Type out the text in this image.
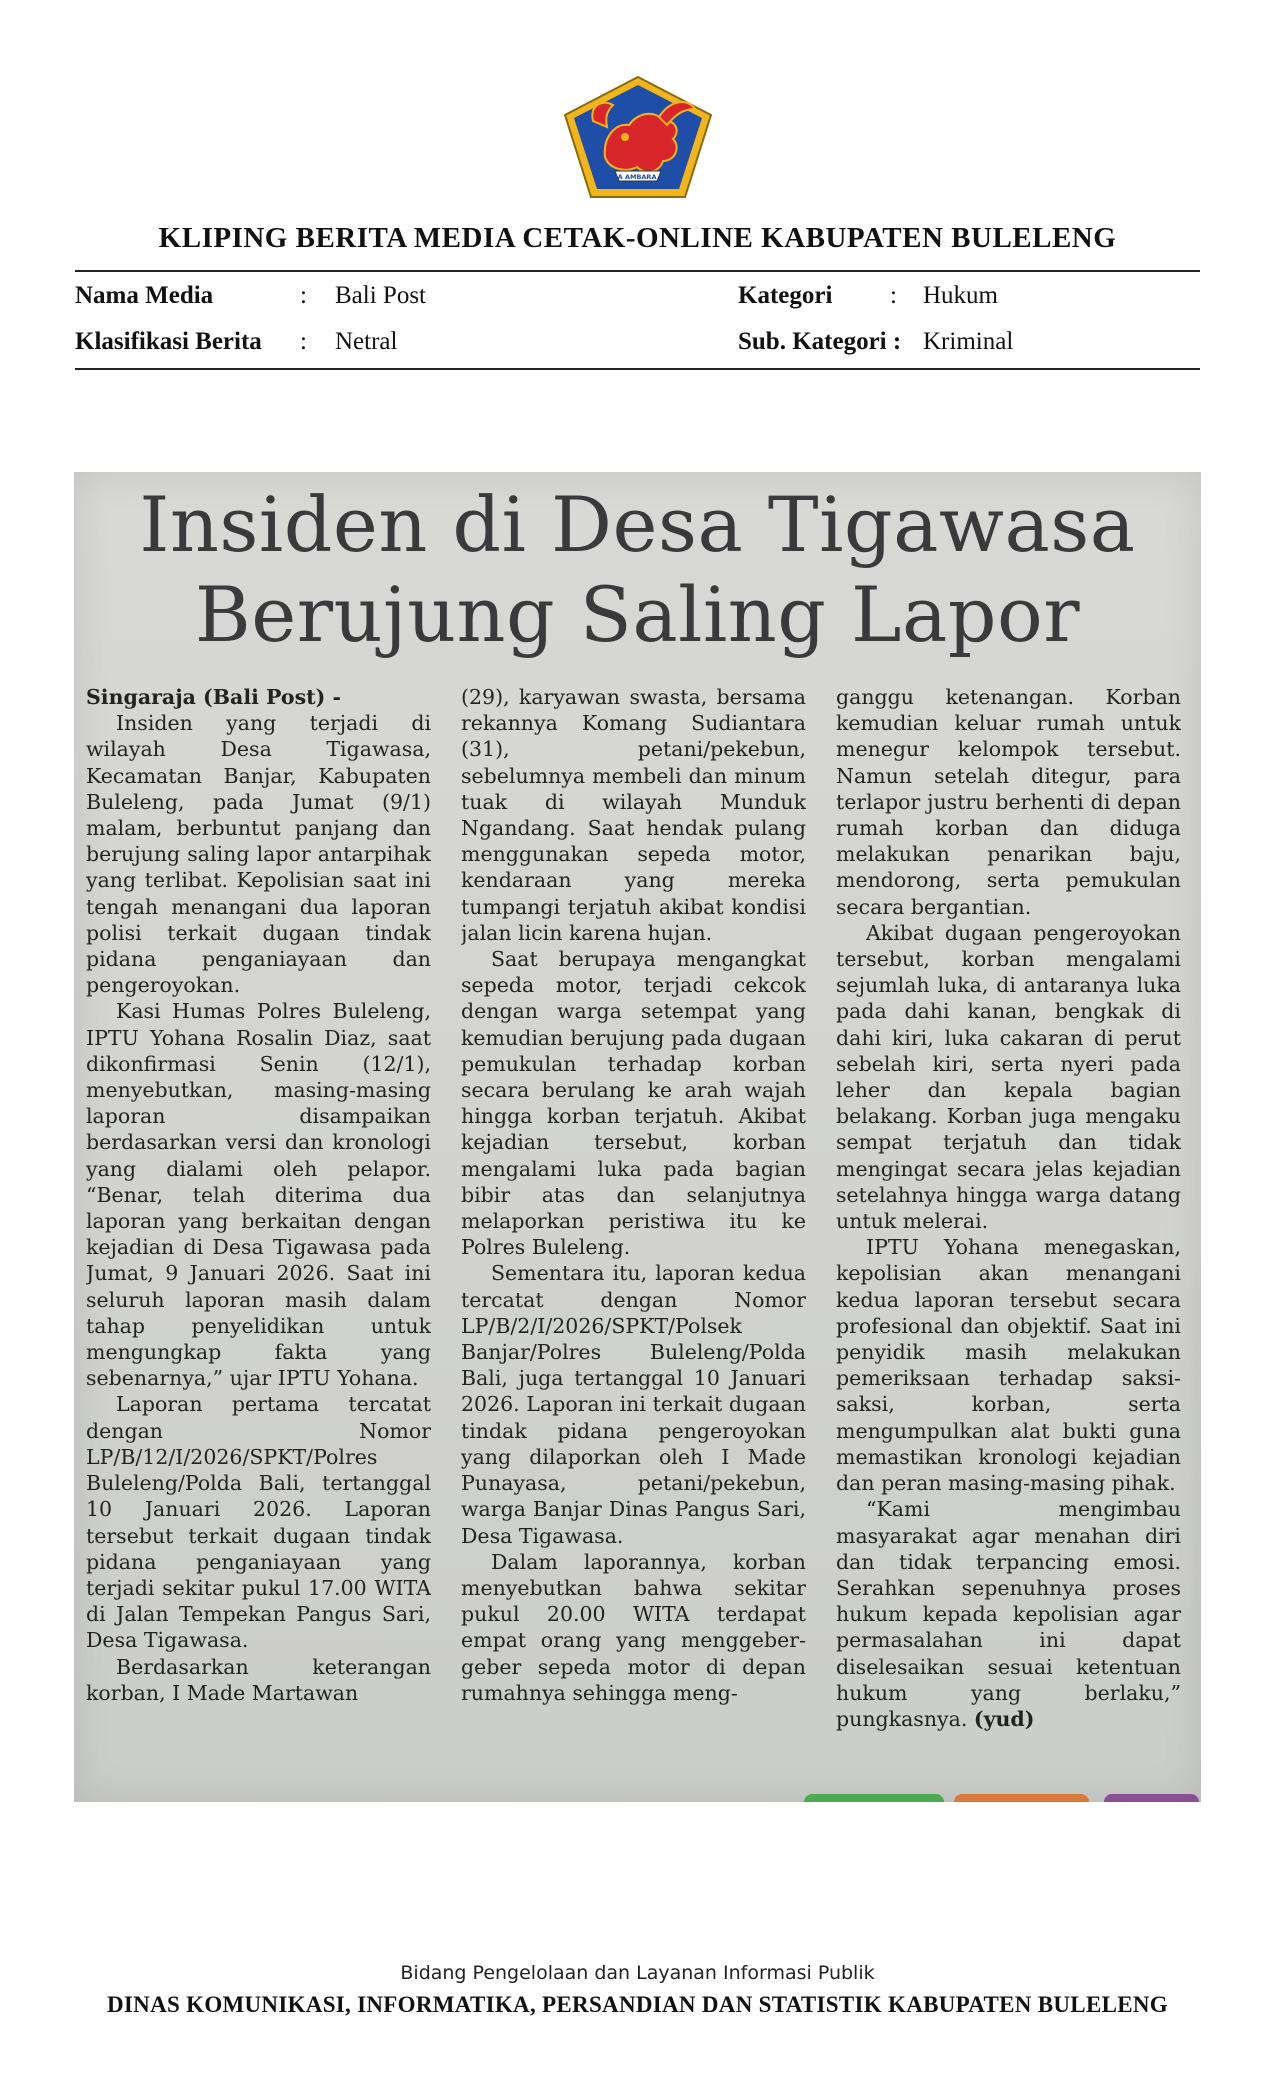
SINGA AMBARA RAJA
KLIPING BERITA MEDIA CETAK-ONLINE KABUPATEN BULELENG
Nama Media	: Bali Post	Kategori : Hukum
Klasifikasi Berita : Netral	Sub. Kategori : Kriminal
Insiden di Desa Tigawasa
Berujung Saling Lapor

Singaraja (Bali Post) -

Insiden yang terjadi di wilayah Desa Tigawasa, Kecamatan Banjar, Kabupaten Buleleng, pada Jumat (9/1) malam, berbuntut panjang dan berujung saling lapor antarpihak yang terlibat. Kepolisian saat ini tengah menangani dua laporan polisi terkait dugaan tindak pidana penganiayaan dan pengeroyokan.

Kasi Humas Polres Buleleng, IPTU Yohana Rosalin Diaz, saat dikonfirmasi Senin (12/1), menyebutkan, masing-masing laporan disampaikan berdasarkan versi dan kronologi yang dialami oleh pelapor. “Benar, telah diterima dua laporan yang berkaitan dengan kejadian di Desa Tigawasa pada Jumat, 9 Januari 2026. Saat ini seluruh laporan masih dalam tahap penyelidikan untuk mengungkap fakta yang sebenarnya,” ujar IPTU Yohana.

Laporan pertama tercatat dengan Nomor LP/B/12/I/2026/SPKT/Polres Buleleng/Polda Bali, tertanggal 10 Januari 2026. Laporan tersebut terkait dugaan tindak pidana penganiayaan yang terjadi sekitar pukul 17.00 WITA di Jalan Tempekan Pangus Sari, Desa Tigawasa.

Berdasarkan keterangan korban, I Made Martawan

(29), karyawan swasta, bersama rekannya Komang Sudiantara (31), petani/pekebun, sebelumnya membeli dan minum tuak di wilayah Munduk Ngandang. Saat hendak pulang menggunakan sepeda motor, kendaraan yang mereka tumpangi terjatuh akibat kondisi jalan licin karena hujan.

Saat berupaya mengangkat sepeda motor, terjadi cekcok dengan warga setempat yang kemudian berujung pada dugaan pemukulan terhadap korban secara berulang ke arah wajah hingga korban terjatuh. Akibat kejadian tersebut, korban mengalami luka pada bagian bibir atas dan selanjutnya melaporkan peristiwa itu ke Polres Buleleng.

Sementara itu, laporan kedua tercatat dengan Nomor LP/B/2/I/2026/SPKT/Polsek Banjar/Polres Buleleng/Polda Bali, juga tertanggal 10 Januari 2026. Laporan ini terkait dugaan tindak pidana pengeroyokan yang dilaporkan oleh I Made Punayasa, petani/pekebun, warga Banjar Dinas Pangus Sari, Desa Tigawasa.

Dalam laporannya, korban menyebutkan bahwa sekitar pukul 20.00 WITA terdapat empat orang yang menggeber-geber sepeda motor di depan rumahnya sehingga meng-

ganggu ketenangan. Korban kemudian keluar rumah untuk menegur kelompok tersebut. Namun setelah ditegur, para terlapor justru berhenti di depan rumah korban dan diduga melakukan penarikan baju, mendorong, serta pemukulan secara bergantian.

Akibat dugaan pengeroyokan tersebut, korban mengalami sejumlah luka, di antaranya luka pada dahi kanan, bengkak di dahi kiri, luka cakaran di perut sebelah kiri, serta nyeri pada leher dan kepala bagian belakang. Korban juga mengaku sempat terjatuh dan tidak mengingat secara jelas kejadian setelahnya hingga warga datang untuk melerai.

IPTU Yohana menegaskan, kepolisian akan menangani kedua laporan tersebut secara profesional dan objektif. Saat ini penyidik masih melakukan pemeriksaan terhadap saksi-saksi, korban, serta mengumpulkan alat bukti guna memastikan kronologi kejadian dan peran masing-masing pihak.

“Kami mengimbau masyarakat agar menahan diri dan tidak terpancing emosi. Serahkan sepenuhnya proses hukum kepada kepolisian agar permasalahan ini dapat diselesaikan sesuai ketentuan hukum yang berlaku,” pungkasnya. (yud)

Bidang Pengelolaan dan Layanan Informasi Publik
DINAS KOMUNIKASI, INFORMATIKA, PERSANDIAN DAN STATISTIK KABUPATEN BULELENG
